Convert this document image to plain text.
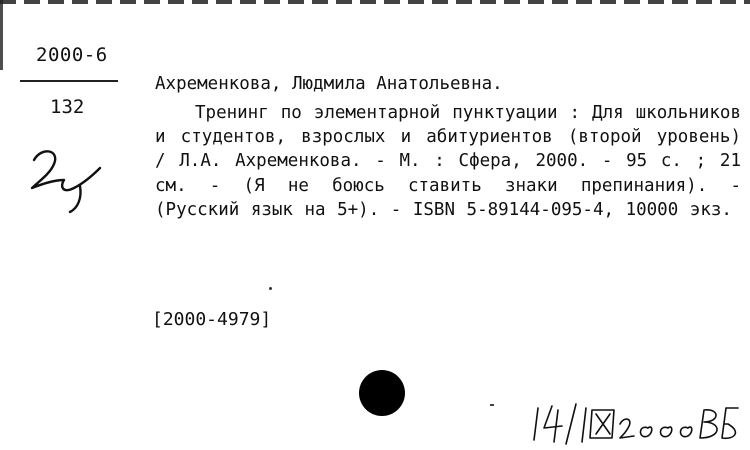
2000-6
132
Ахременкова, Людмила Анатольевна.
Тренинг по элементарной пунктуации : Для школьников и студентов, взрослых и абитуриентов (второй уровень) / Л.А. Ахременкова. - М. : Сфера, 2000. - 95 с. ; 21 см. - (Я не боюсь ставить знаки препинания). - (Русский язык на 5+). - ISBN 5-89144-095-4, 10000 экз.
[2000-4979]
